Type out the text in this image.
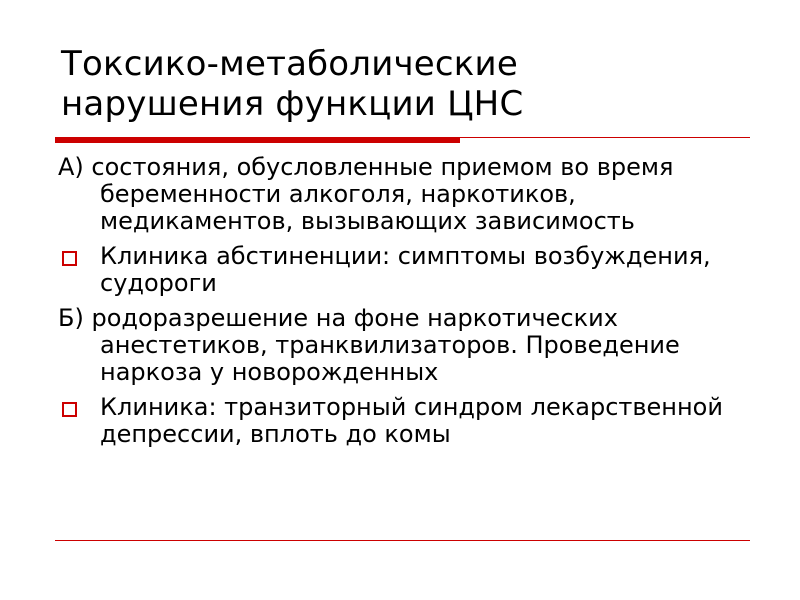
Токсико-метаболические
нарушения функции ЦНС
А) состояния, обусловленные приемом во время беременности алкоголя, наркотиков, медикаментов, вызывающих зависимость
Клиника абстиненции: симптомы возбуждения, судороги
Б) родоразрешение на фоне наркотических анестетиков, транквилизаторов. Проведение наркоза у новорожденных
Клиника: транзиторный синдром лекарственной депрессии, вплоть до комы
